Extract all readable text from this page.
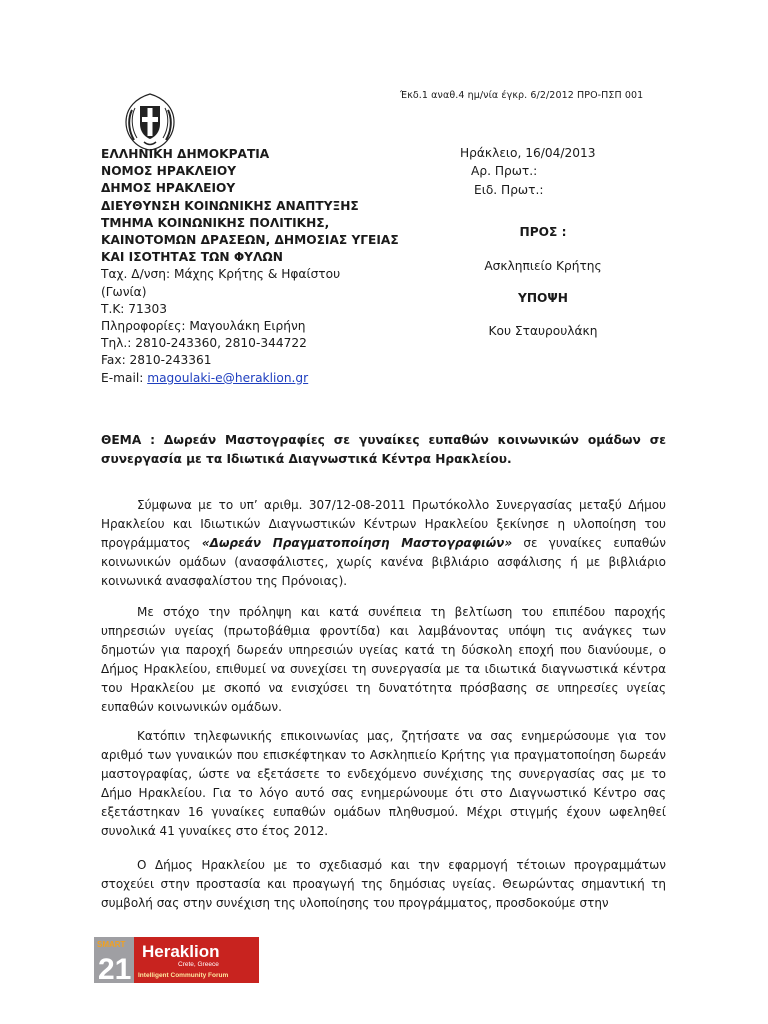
Έκδ.1 αναθ.4 ημ/νία έγκρ. 6/2/2012 ΠΡΟ-ΠΣΠ 001
ΕΛΛΗΝΙΚΗ ΔΗΜΟΚΡΑΤΙΑ
ΝΟΜΟΣ ΗΡΑΚΛΕΙΟΥ
ΔΗΜΟΣ ΗΡΑΚΛΕΙΟΥ
ΔΙΕΥΘΥΝΣΗ ΚΟΙΝΩΝΙΚΗΣ ΑΝΑΠΤΥΞΗΣ
ΤΜΗΜΑ ΚΟΙΝΩΝΙΚΗΣ ΠΟΛΙΤΙΚΗΣ,
ΚΑΙΝΟΤΟΜΩΝ ΔΡΑΣΕΩΝ, ΔΗΜΟΣΙΑΣ ΥΓΕΙΑΣ
ΚΑΙ ΙΣΟΤΗΤΑΣ ΤΩΝ ΦΥΛΩΝ
Ταχ. Δ/νση: Μάχης Κρήτης & Ηφαίστου
(Γωνία)
Τ.Κ: 71303
Πληροφορίες: Μαγουλάκη Ειρήνη
Τηλ.: 2810-243360, 2810-344722
Fax: 2810-243361
E-mail: magoulaki-e@heraklion.gr
Ηράκλειο, 16/04/2013
Αρ. Πρωτ.:
Ειδ. Πρωτ.:
ΠΡΟΣ :
Ασκληπιείο Κρήτης
ΥΠΟΨΗ
Κου Σταυρουλάκη
ΘΕΜΑ : Δωρεάν Μαστογραφίες σε γυναίκες ευπαθών κοινωνικών ομάδων σε συνεργασία με τα Ιδιωτικά Διαγνωστικά Κέντρα Ηρακλείου.

Σύμφωνα με το υπ’ αριθμ. 307/12-08-2011 Πρωτόκολλο Συνεργασίας μεταξύ Δήμου Ηρακλείου και Ιδιωτικών Διαγνωστικών Κέντρων Ηρακλείου ξεκίνησε η υλοποίηση του προγράμματος «Δωρεάν Πραγματοποίηση Μαστογραφιών» σε γυναίκες ευπαθών κοινωνικών ομάδων (ανασφάλιστες, χωρίς κανένα βιβλιάριο ασφάλισης ή με βιβλιάριο κοινωνικά ανασφαλίστου της Πρόνοιας).

Με στόχο την πρόληψη και κατά συνέπεια τη βελτίωση του επιπέδου παροχής υπηρεσιών υγείας (πρωτοβάθμια φροντίδα) και λαμβάνοντας υπόψη τις ανάγκες των δημοτών για παροχή δωρεάν υπηρεσιών υγείας κατά τη δύσκολη εποχή που διανύουμε, ο Δήμος Ηρακλείου, επιθυμεί να συνεχίσει τη συνεργασία με τα ιδιωτικά διαγνωστικά κέντρα του Ηρακλείου με σκοπό να ενισχύσει τη δυνατότητα πρόσβασης σε υπηρεσίες υγείας ευπαθών κοινωνικών ομάδων.

Κατόπιν τηλεφωνικής επικοινωνίας μας, ζητήσατε να σας ενημερώσουμε για τον αριθμό των γυναικών που επισκέφτηκαν το Ασκληπιείο Κρήτης για πραγματοποίηση δωρεάν μαστογραφίας, ώστε να εξετάσετε το ενδεχόμενο συνέχισης της συνεργασίας σας με το Δήμο Ηρακλείου. Για το λόγο αυτό σας ενημερώνουμε ότι στο Διαγνωστικό Κέντρο σας εξετάστηκαν 16 γυναίκες ευπαθών ομάδων πληθυσμού. Μέχρι στιγμής έχουν ωφεληθεί συνολικά 41 γυναίκες στο έτος 2012.

Ο Δήμος Ηρακλείου με το σχεδιασμό και την εφαρμογή τέτοιων προγραμμάτων στοχεύει στην προστασία και προαγωγή της δημόσιας υγείας. Θεωρώντας σημαντική τη συμβολή σας στην συνέχιση της υλοποίησης του προγράμματος, προσδοκούμε στην

SMART
21
Heraklion
Crete, Greece
Intelligent Community Forum
